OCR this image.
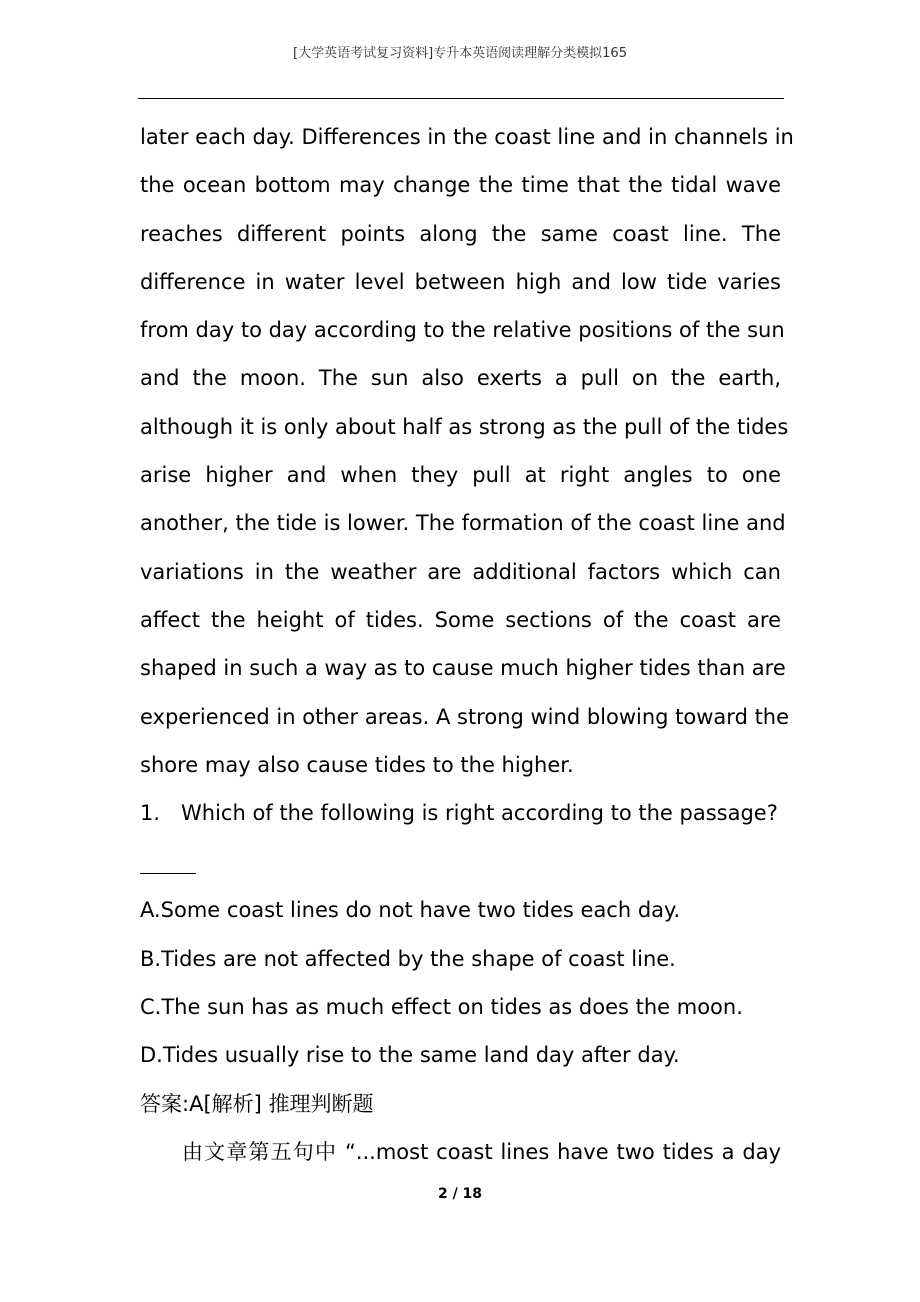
[大学英语考试复习资料]专升本英语阅读理解分类模拟165
later each day. Differences in the coast line and in channels in
the ocean bottom may change the time that the tidal wave
reaches different points along the same coast line. The
difference in water level between high and low tide varies
from day to day according to the relative positions of the sun
and the moon. The sun also exerts a pull on the earth,
although it is only about half as strong as the pull of the tides
arise higher and when they pull at right angles to one
another, the tide is lower. The formation of the coast line and
variations in the weather are additional factors which can
affect the height of tides. Some sections of the coast are
shaped in such a way as to cause much higher tides than are
experienced in other areas. A strong wind blowing toward the
shore may also cause tides to the higher.
1. Which of the following is right according to the passage?
A.Some coast lines do not have two tides each day.
B.Tides are not affected by the shape of coast line.
C.The sun has as much effect on tides as does the moon.
D.Tides usually rise to the same land day after day.
答案:A[解析] 推理判断题
由文章第五句中 “...most coast lines have two tides a day
2 / 18
